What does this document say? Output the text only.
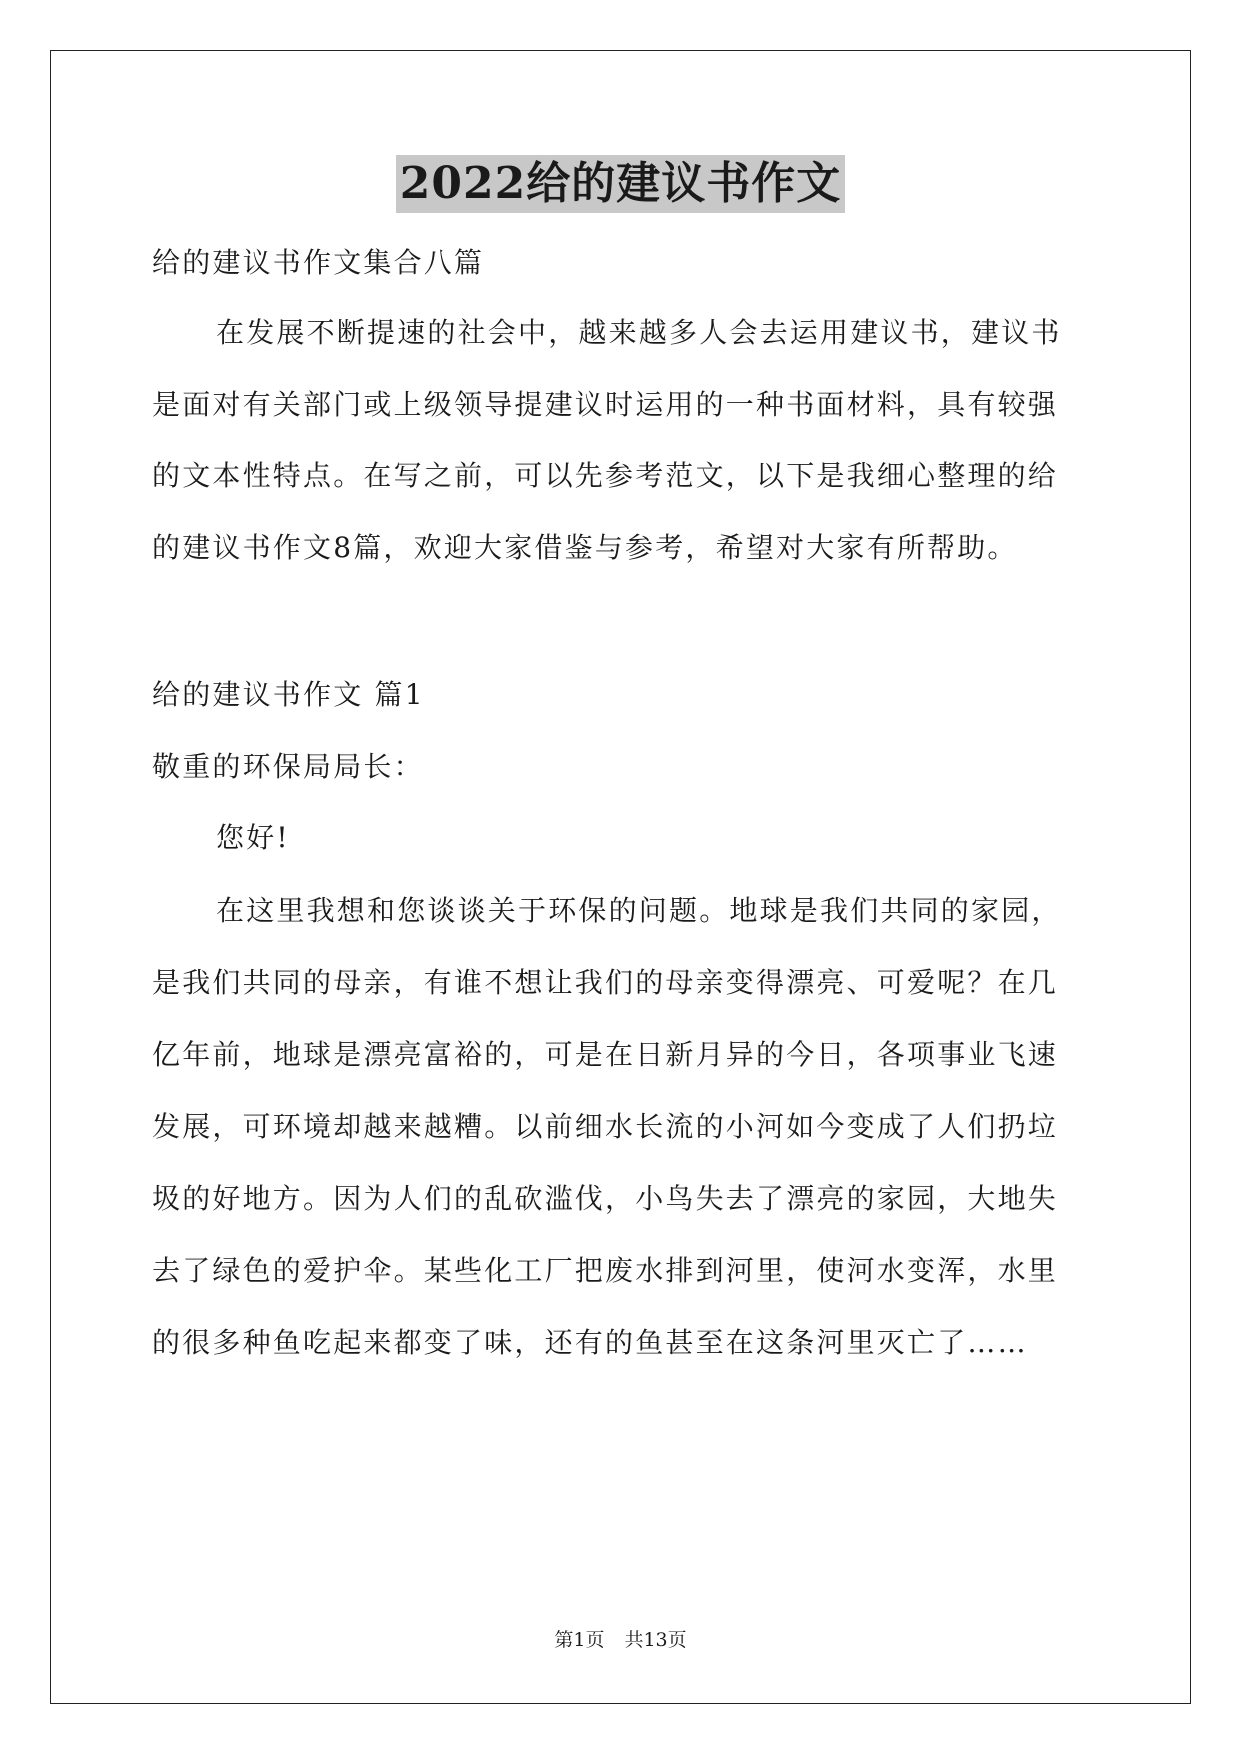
2022给的建议书作文
给的建议书作文集合八篇
在发展不断提速的社会中，越来越多人会去运用建议书，建议书
是面对有关部门或上级领导提建议时运用的一种书面材料，具有较强
的文本性特点。在写之前，可以先参考范文，以下是我细心整理的给
的建议书作文8篇，欢迎大家借鉴与参考，希望对大家有所帮助。
给的建议书作文 篇1
敬重的环保局局长：
您好!
在这里我想和您谈谈关于环保的问题。地球是我们共同的家园，
是我们共同的母亲，有谁不想让我们的母亲变得漂亮、可爱呢？在几
亿年前，地球是漂亮富裕的，可是在日新月异的今日，各项事业飞速
发展，可环境却越来越糟。以前细水长流的小河如今变成了人们扔垃
圾的好地方。因为人们的乱砍滥伐，小鸟失去了漂亮的家园，大地失
去了绿色的爱护伞。某些化工厂把废水排到河里，使河水变浑，水里
的很多种鱼吃起来都变了味，还有的鱼甚至在这条河里灭亡了……
第1页 共13页
